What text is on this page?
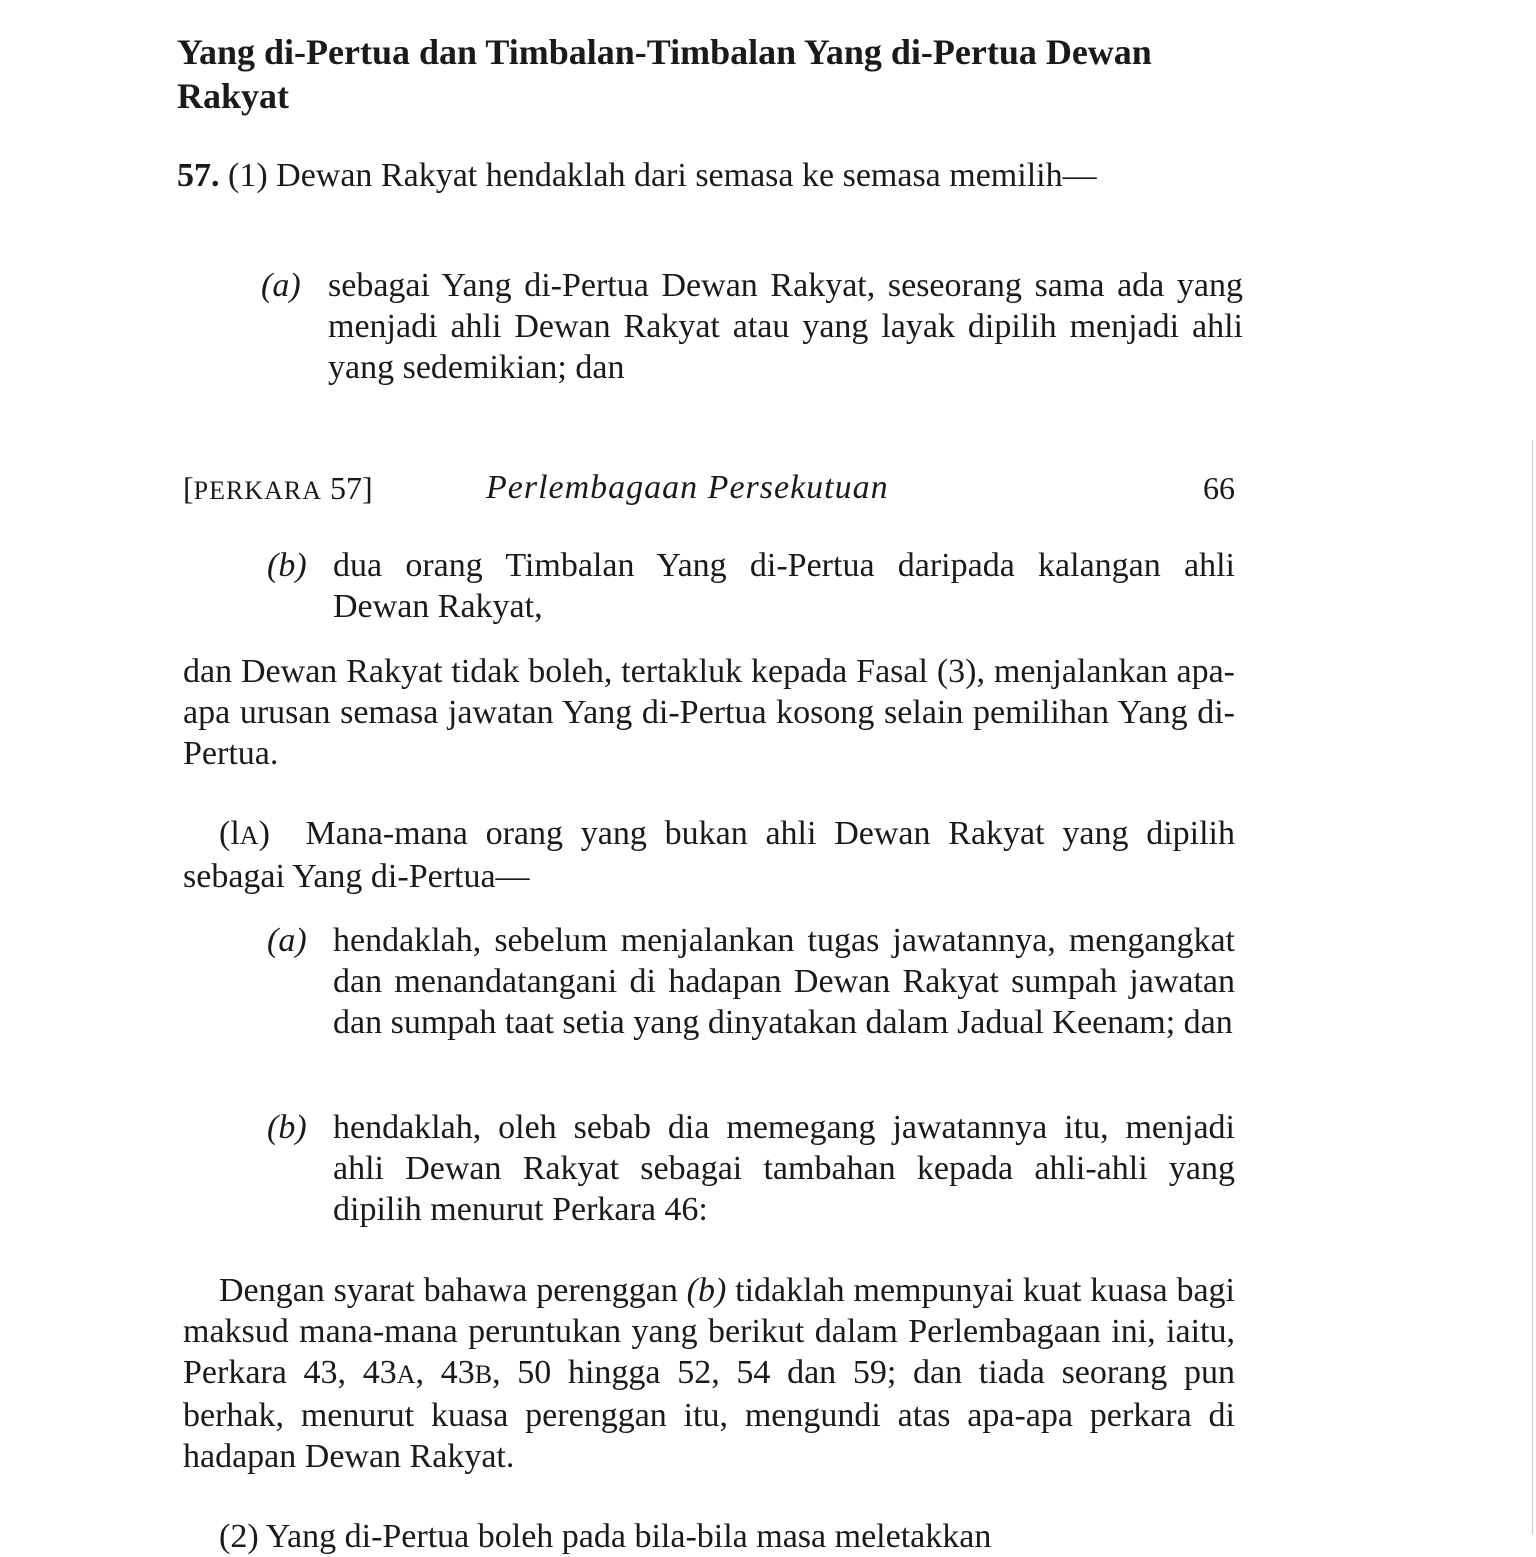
Yang di-Pertua dan Timbalan-Timbalan Yang di-Pertua Dewan Rakyat
57. (1) Dewan Rakyat hendaklah dari semasa ke semasa memilih—
(a) sebagai Yang di-Pertua Dewan Rakyat, seseorang sama ada yang menjadi ahli Dewan Rakyat atau yang layak dipilih menjadi ahli yang sedemikian; dan
[PERKARA 57]	Perlembagaan Persekutuan	66
(b) dua orang Timbalan Yang di-Pertua daripada kalangan ahli Dewan Rakyat,
dan Dewan Rakyat tidak boleh, tertakluk kepada Fasal (3), menjalankan apa-apa urusan semasa jawatan Yang di-Pertua kosong selain pemilihan Yang di-Pertua.
(lA) Mana-mana orang yang bukan ahli Dewan Rakyat yang dipilih sebagai Yang di-Pertua—
(a) hendaklah, sebelum menjalankan tugas jawatannya, mengangkat dan menandatangani di hadapan Dewan Rakyat sumpah jawatan dan sumpah taat setia yang dinyatakan dalam Jadual Keenam; dan
(b) hendaklah, oleh sebab dia memegang jawatannya itu, menjadi ahli Dewan Rakyat sebagai tambahan kepada ahli-ahli yang dipilih menurut Perkara 46:
Dengan syarat bahawa perenggan (b) tidaklah mempunyai kuat kuasa bagi maksud mana-mana peruntukan yang berikut dalam Perlembagaan ini, iaitu, Perkara 43, 43A, 43B, 50 hingga 52, 54 dan 59; dan tiada seorang pun berhak, menurut kuasa perenggan itu, mengundi atas apa-apa perkara di hadapan Dewan Rakyat.
(2) Yang di-Pertua boleh pada bila-bila masa meletakkan
